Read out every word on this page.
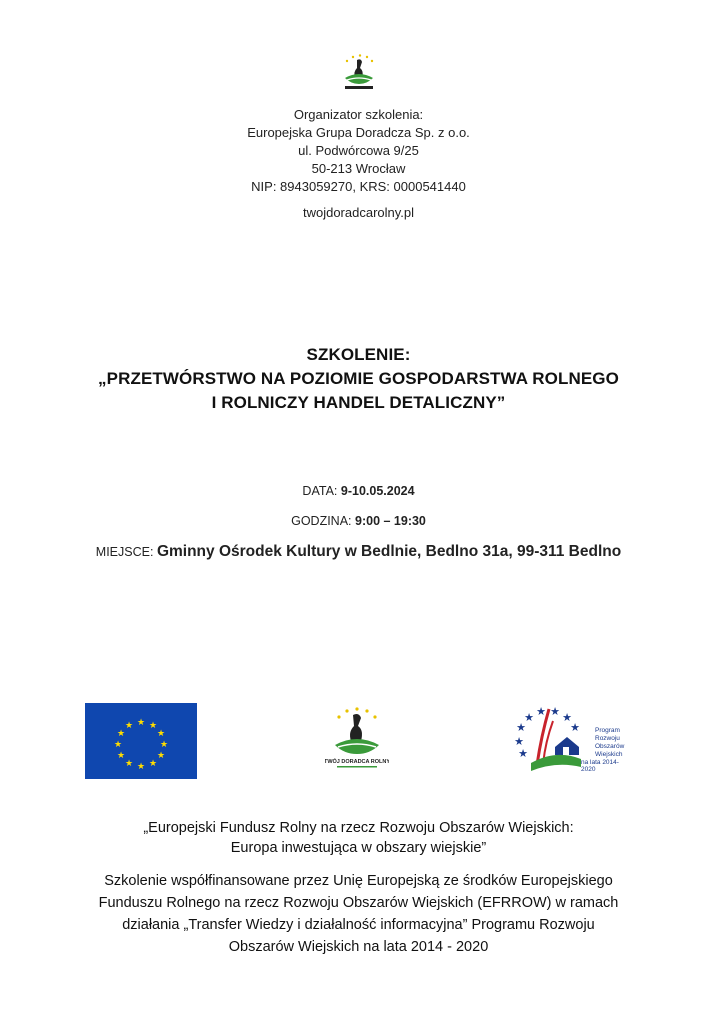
Organizator szkolenia:
Europejska Grupa Doradcza Sp. z o.o.
ul. Podwórcowa 9/25
50-213 Wrocław
NIP: 8943059270, KRS: 0000541440
twojdoradcarolny.pl
SZKOLENIE:
„PRZETWÓRSTWO NA POZIOMIE GOSPODARSTWA ROLNEGO
I ROLNICZY HANDEL DETALICZNY”
DATA: 9-10.05.2024
GODZINA: 9:00 – 19:30
MIEJSCE: Gminny Ośrodek Kultury w Bedlnie, Bedlno 31a, 99-311 Bedlno
★ ★
★
★
★
★
★
★
★
★
★
★
TWÓJ DORADCA ROLNY
★
★ ★ ★ ★
★
★
★
Program
Rozwoju
Obszarów
Wiejskich
na lata 2014-2020
„Europejski Fundusz Rolny na rzecz Rozwoju Obszarów Wiejskich:
Europa inwestująca w obszary wiejskie”
Szkolenie współfinansowane przez Unię Europejską ze środków Europejskiego
Funduszu Rolnego na rzecz Rozwoju Obszarów Wiejskich (EFRROW) w ramach
działania „Transfer Wiedzy i działalność informacyjna” Programu Rozwoju
Obszarów Wiejskich na lata 2014 - 2020
